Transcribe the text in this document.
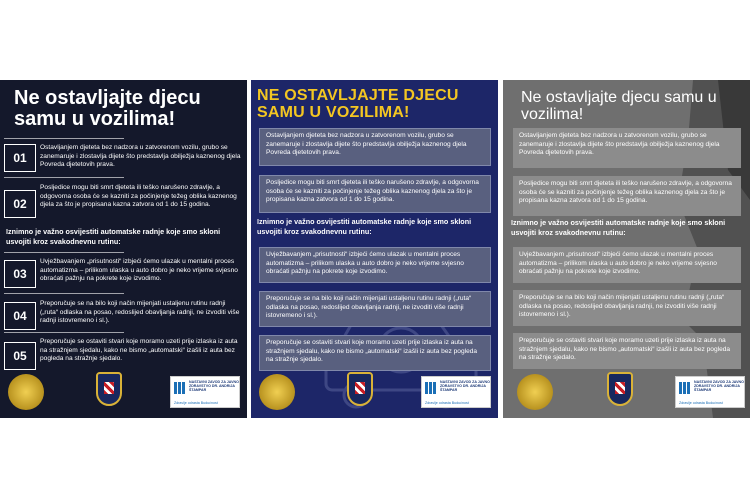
Ne ostavljajte djecu samu u vozilima!
01
Ostavljanjem djeteta bez nadzora u zatvorenom vozilu, grubo se zanemaruje i zlostavlja dijete što predstavlja obilježja kaznenog djela Povreda djetetovih prava.
02
Posljedice mogu biti smrt djeteta ili teško narušeno zdravlje, a odgovorna osoba će se kazniti za počinjenje težeg oblika kaznenog djela za što je propisana kazna zatvora od 1 do 15 godina.
Iznimno je važno osvijestiti automatske radnje koje smo skloni usvojiti kroz svakodnevnu rutinu:
03
Uvježbavanjem „prisutnosti“ izbjeći ćemo ulazak u mentalni proces automatizma – prilikom ulaska u auto dobro je neko vrijeme svjesno obraćati pažnju na pokrete koje izvodimo.
04
Preporučuje se na bilo koji način mijenjati ustaljenu rutinu radnji („ruta“ odlaska na posao, redoslijed obavljanja radnji, ne izvoditi više radnji istovremeno i sl.).
05
Preporučuje se ostaviti stvari koje moramo uzeti prije izlaska iz auta na stražnjem sjedalu, kako ne bismo „automatski“ izašli iz auta bez pogleda na stražnje sjedalo.
NASTAVNI ZAVOD ZA JAVNO ZDRAVSTVO DR. ANDRIJA ŠTAMPAR
Zdravlje odrasta Budućnost
NE OSTAVLJAJTE DJECU SAMU U VOZILIMA!
Ostavljanjem djeteta bez nadzora u zatvorenom vozilu, grubo se zanemaruje i zlostavlja dijete što predstavlja obilježja kaznenog djela Povreda djetetovih prava.
Posljedice mogu biti smrt djeteta ili teško narušeno zdravlje, a odgovorna osoba će se kazniti za počinjenje težeg oblika kaznenog djela za što je propisana kazna zatvora od 1 do 15 godina.
Iznimno je važno osvijestiti automatske radnje koje smo skloni usvojiti kroz svakodnevnu rutinu:
Uvježbavanjem „prisutnosti“ izbjeći ćemo ulazak u mentalni proces automatizma – prilikom ulaska u auto dobro je neko vrijeme svjesno obraćati pažnju na pokrete koje izvodimo.
Preporučuje se na bilo koji način mijenjati ustaljenu rutinu radnji („ruta“ odlaska na posao, redoslijed obavljanja radnji, ne izvoditi više radnji istovremeno i sl.).
Preporučuje se ostaviti stvari koje moramo uzeti prije izlaska iz auta na stražnjem sjedalu, kako ne bismo „automatski“ izašli iz auta bez pogleda na stražnje sjedalo.
NASTAVNI ZAVOD ZA JAVNO ZDRAVSTVO DR. ANDRIJA ŠTAMPAR
Zdravlje odrasta Budućnost
Ne ostavljajte djecu samu u vozilima!
Ostavljanjem djeteta bez nadzora u zatvorenom vozilu, grubo se zanemaruje i zlostavlja dijete što predstavlja obilježja kaznenog djela Povreda djetetovih prava.
Posljedice mogu biti smrt djeteta ili teško narušeno zdravlje, a odgovorna osoba će se kazniti za počinjenje težeg oblika kaznenog djela za što je propisana kazna zatvora od 1 do 15 godina.
Iznimno je važno osvijestiti automatske radnje koje smo skloni usvojiti kroz svakodnevnu rutinu:
Uvježbavanjem „prisutnosti“ izbjeći ćemo ulazak u mentalni proces automatizma – prilikom ulaska u auto dobro je neko vrijeme svjesno obraćati pažnju na pokrete koje izvodimo.
Preporučuje se na bilo koji način mijenjati ustaljenu rutinu radnji („ruta“ odlaska na posao, redoslijed obavljanja radnji, ne izvoditi više radnji istovremeno i sl.).
Preporučuje se ostaviti stvari koje moramo uzeti prije izlaska iz auta na stražnjem sjedalu, kako ne bismo „automatski“ izašli iz auta bez pogleda na stražnje sjedalo.
NASTAVNI ZAVOD ZA JAVNO ZDRAVSTVO DR. ANDRIJA ŠTAMPAR
Zdravlje odrasta Budućnost
